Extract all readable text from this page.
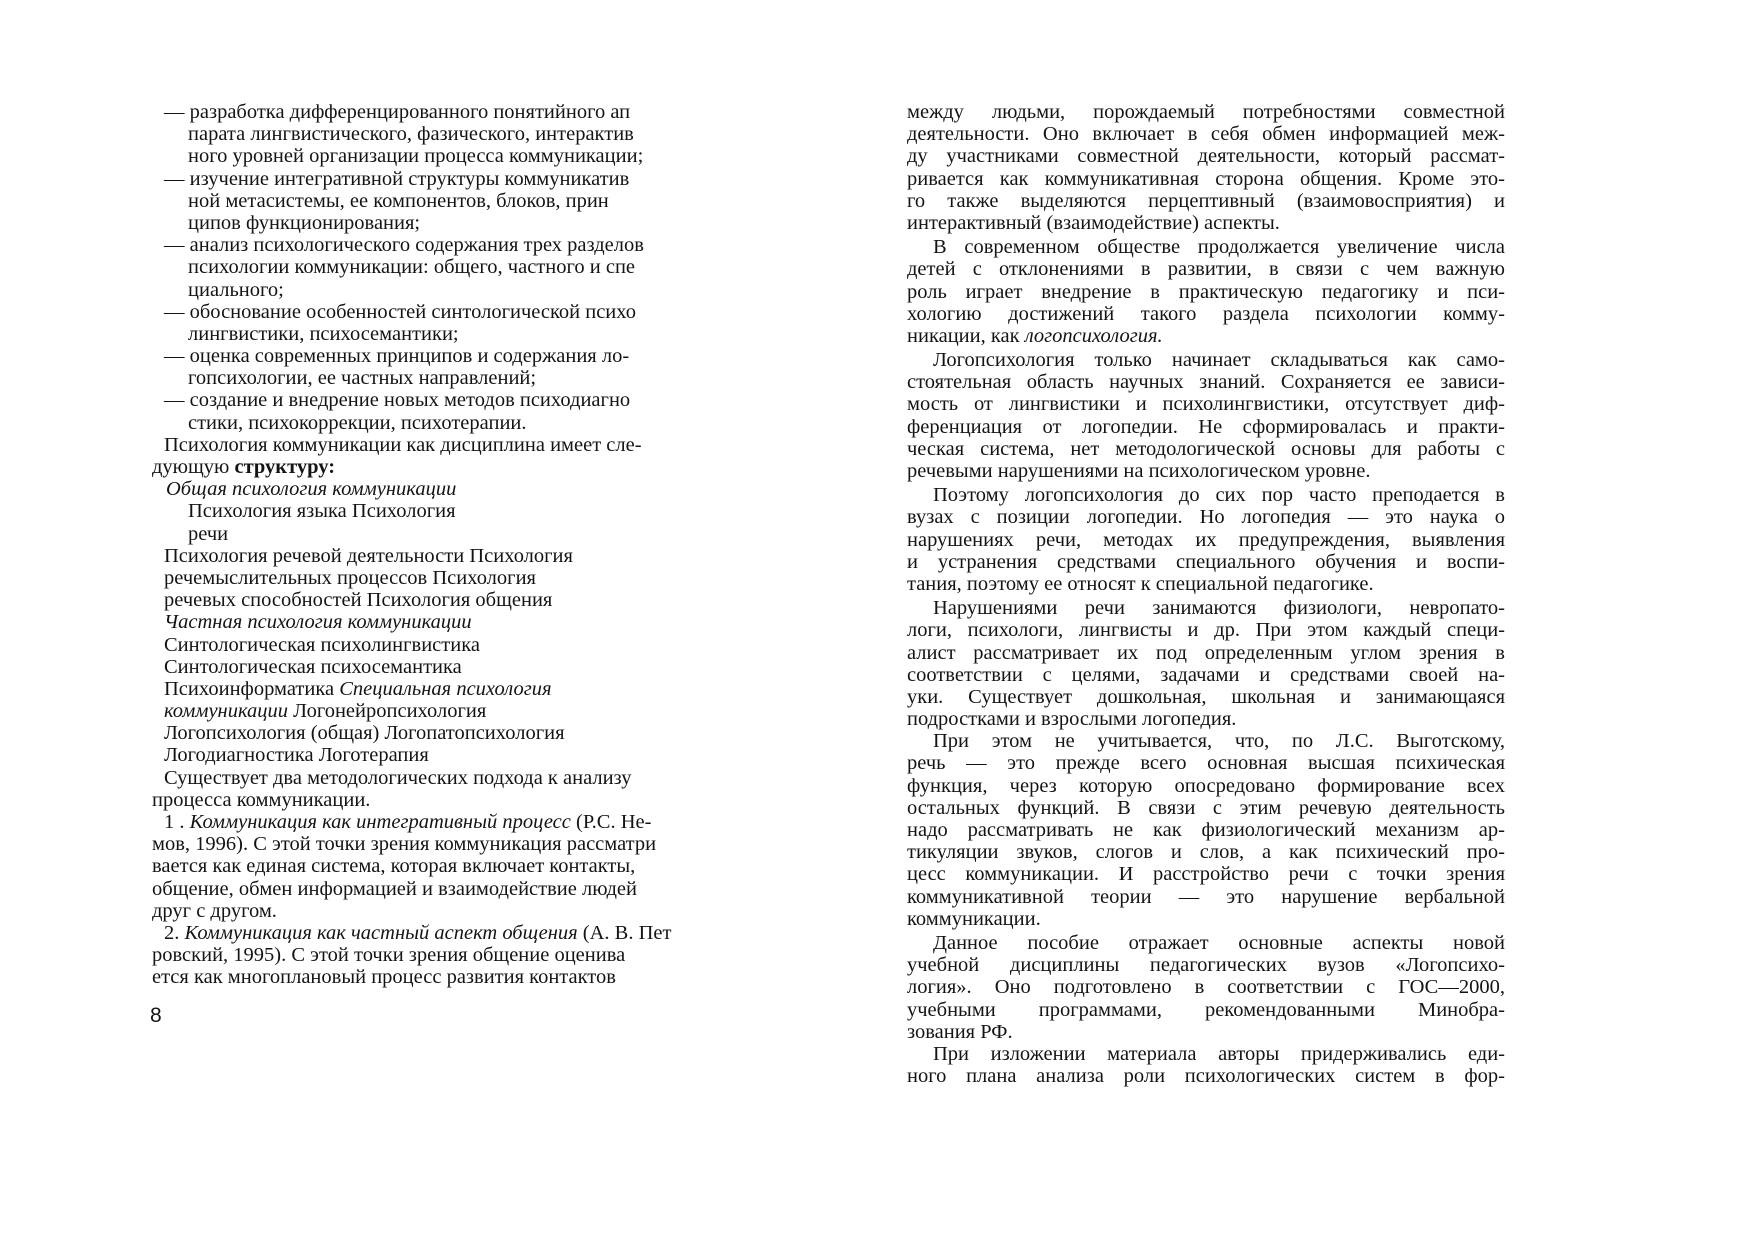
— разработка дифференцированного понятийного ап
парата лингвистического, фазического, интерактив
ного уровней организации процесса коммуникации;
— изучение интегративной структуры коммуникатив
ной метасистемы, ее компонентов, блоков, прин
ципов функционирования;
— анализ психологического содержания трех разделов
психологии коммуникации: общего, частного и спе
циального;
— обоснование особенностей синтологической психо
лингвистики, психосемантики;
— оценка современных принципов и содержания ло-
гопсихологии, ее частных направлений;
— создание и внедрение новых методов психодиагно
стики, психокоррекции, психотерапии.
Психология коммуникации как дисциплина имеет сле-
дующую структуру:
Общая психология коммуникации
Психология языка Психология
речи
Психология речевой деятельности Психология
речемыслительных процессов Психология
речевых способностей Психология общения
Частная психология коммуникации
Синтологическая психолингвистика
Синтологическая психосемантика
Психоинформатика Специальная психология
коммуникации Логонейропсихология
Логопсихология (общая) Логопатопсихология
Логодиагностика Логотерапия
Существует два методологических подхода к анализу
процесса коммуникации.
1 . Коммуникация как интегративный процесс (Р.С. Не-
мов, 1996). С этой точки зрения коммуникация рассматри
вается как единая система, которая включает контакты,
общение, обмен информацией и взаимодействие людей
друг с другом.
2. Коммуникация как частный аспект общения (А. В. Пет
ровский, 1995). С этой точки зрения общение оценива
ется как многоплановый процесс развития контактов
8
между людьми, порождаемый потребностями совместной
деятельности. Оно включает в себя обмен информацией меж-
ду участниками совместной деятельности, который рассмат-
ривается как коммуникативная сторона общения. Кроме это-
го также выделяются перцептивный (взаимовосприятия) и
интерактивный (взаимодействие) аспекты.
В современном обществе продолжается увеличение числа
детей с отклонениями в развитии, в связи с чем важную
роль играет внедрение в практическую педагогику и пси-
хологию достижений такого раздела психологии комму-
никации, как логопсихология.
Логопсихология только начинает складываться как само-
стоятельная область научных знаний. Сохраняется ее зависи-
мость от лингвистики и психолингвистики, отсутствует диф-
ференциация от логопедии. Не сформировалась и практи-
ческая система, нет методологической основы для работы с
речевыми нарушениями на психологическом уровне.
Поэтому логопсихология до сих пор часто преподается в
вузах с позиции логопедии. Но логопедия — это наука о
нарушениях речи, методах их предупреждения, выявления
и устранения средствами специального обучения и воспи-
тания, поэтому ее относят к специальной педагогике.
Нарушениями речи занимаются физиологи, невропато-
логи, психологи, лингвисты и др. При этом каждый специ-
алист рассматривает их под определенным углом зрения в
соответствии с целями, задачами и средствами своей на-
уки. Существует дошкольная, школьная и занимающаяся
подростками и взрослыми логопедия.
При этом не учитывается, что, по Л.С. Выготскому,
речь — это прежде всего основная высшая психическая
функция, через которую опосредовано формирование всех
остальных функций. В связи с этим речевую деятельность
надо рассматривать не как физиологический механизм ар-
тикуляции звуков, слогов и слов, а как психический про-
цесс коммуникации. И расстройство речи с точки зрения
коммуникативной теории — это нарушение вербальной
коммуникации.
Данное пособие отражает основные аспекты новой
учебной дисциплины педагогических вузов «Логопсихо-
логия». Оно подготовлено в соответствии с ГОС—2000,
учебными программами, рекомендованными Минобра-
зования РФ.
При изложении материала авторы придерживались еди-
ного плана анализа роли психологических систем в фор-
